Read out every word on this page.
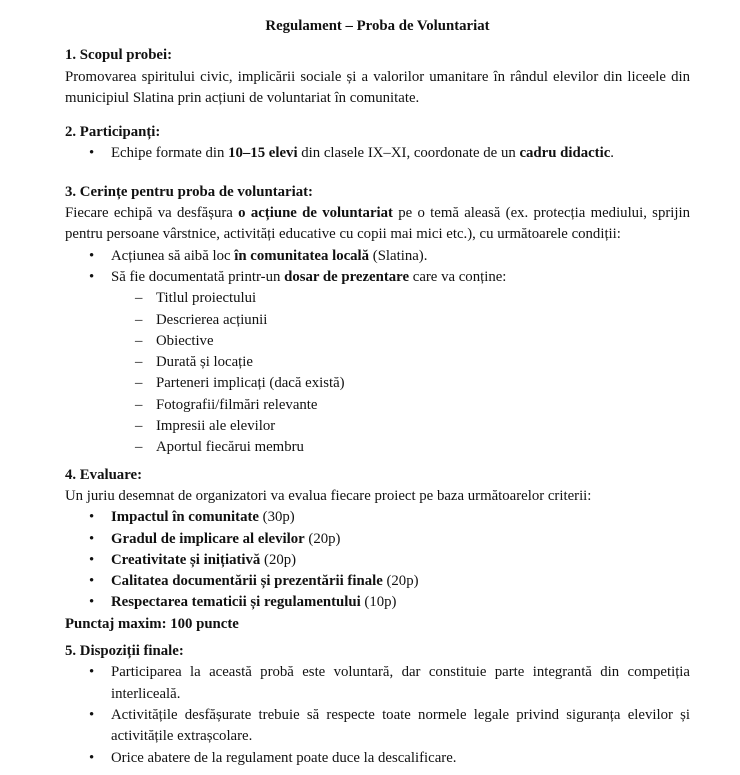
Regulament – Proba de Voluntariat
1. Scopul probei:
Promovarea spiritului civic, implicării sociale și a valorilor umanitare în rândul elevilor din liceele din municipiul Slatina prin acțiuni de voluntariat în comunitate.
2. Participanți:
• Echipe formate din 10–15 elevi din clasele IX–XI, coordonate de un cadru didactic.
3. Cerințe pentru proba de voluntariat:
Fiecare echipă va desfășura o acțiune de voluntariat pe o temă aleasă (ex. protecția mediului, sprijin pentru persoane vârstnice, activități educative cu copii mai mici etc.), cu următoarele condiții:
• Acțiunea să aibă loc în comunitatea locală (Slatina).
• Să fie documentată printr-un dosar de prezentare care va conține:
– Titlul proiectului
– Descrierea acțiunii
– Obiective
– Durată și locație
– Parteneri implicați (dacă există)
– Fotografii/filmări relevante
– Impresii ale elevilor
– Aportul fiecărui membru
4. Evaluare:
Un juriu desemnat de organizatori va evalua fiecare proiect pe baza următoarelor criterii:
• Impactul în comunitate (30p)
• Gradul de implicare al elevilor (20p)
• Creativitate și inițiativă (20p)
• Calitatea documentării și prezentării finale (20p)
• Respectarea tematicii și regulamentului (10p)
Punctaj maxim: 100 puncte
5. Dispoziții finale:
• Participarea la această probă este voluntară, dar constituie parte integrantă din competiția interliceală.
• Activitățile desfășurate trebuie să respecte toate normele legale privind siguranța elevilor și activitățile extrașcolare.
• Orice abatere de la regulament poate duce la descalificare.
